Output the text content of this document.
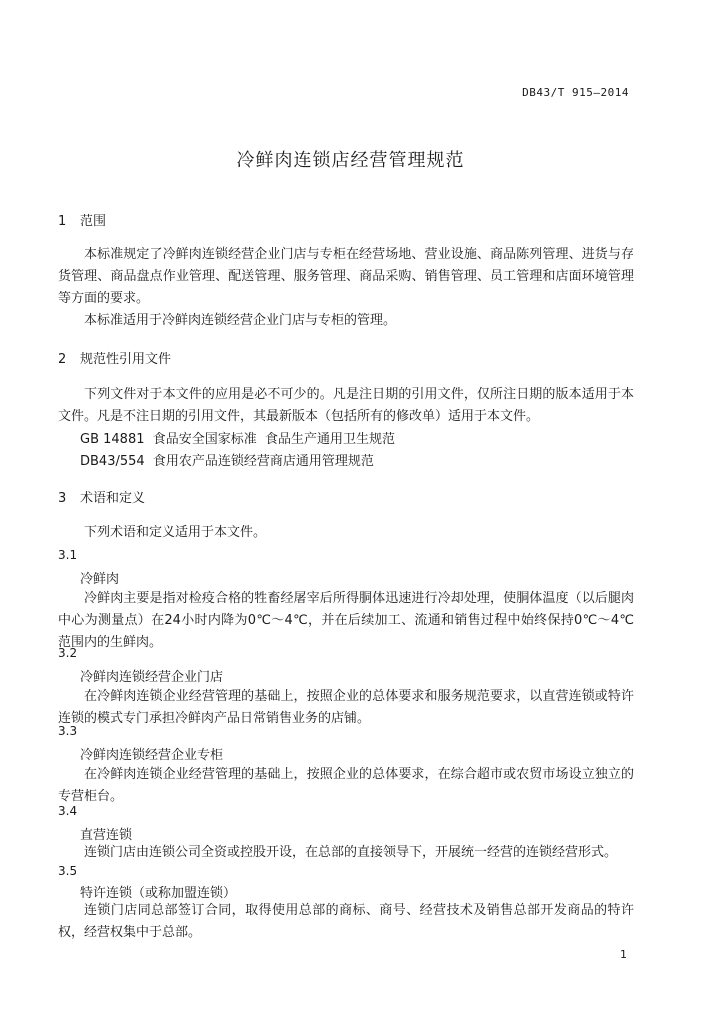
DB43/T 915—2014
冷鲜肉连锁店经营管理规范
1 范围
本标准规定了冷鲜肉连锁经营企业门店与专柜在经营场地、营业设施、商品陈列管理、进货与存货管理、商品盘点作业管理、配送管理、服务管理、商品采购、销售管理、员工管理和店面环境管理等方面的要求。
本标准适用于冷鲜肉连锁经营企业门店与专柜的管理。
2 规范性引用文件
下列文件对于本文件的应用是必不可少的。凡是注日期的引用文件，仅所注日期的版本适用于本文件。凡是不注日期的引用文件，其最新版本（包括所有的修改单）适用于本文件。
GB 14881  食品安全国家标准  食品生产通用卫生规范
DB43/554  食用农产品连锁经营商店通用管理规范
3 术语和定义
下列术语和定义适用于本文件。
3.1
冷鲜肉
冷鲜肉主要是指对检疫合格的牲畜经屠宰后所得胴体迅速进行冷却处理，使胴体温度（以后腿肉中心为测量点）在24小时内降为0℃～4℃，并在后续加工、流通和销售过程中始终保持0℃～4℃范围内的生鲜肉。
3.2
冷鲜肉连锁经营企业门店
在冷鲜肉连锁企业经营管理的基础上，按照企业的总体要求和服务规范要求，以直营连锁或特许连锁的模式专门承担冷鲜肉产品日常销售业务的店铺。
3.3
冷鲜肉连锁经营企业专柜
在冷鲜肉连锁企业经营管理的基础上，按照企业的总体要求，在综合超市或农贸市场设立独立的专营柜台。
3.4
直营连锁
连锁门店由连锁公司全资或控股开设，在总部的直接领导下，开展统一经营的连锁经营形式。
3.5
特许连锁（或称加盟连锁）
连锁门店同总部签订合同，取得使用总部的商标、商号、经营技术及销售总部开发商品的特许权，经营权集中于总部。
1
